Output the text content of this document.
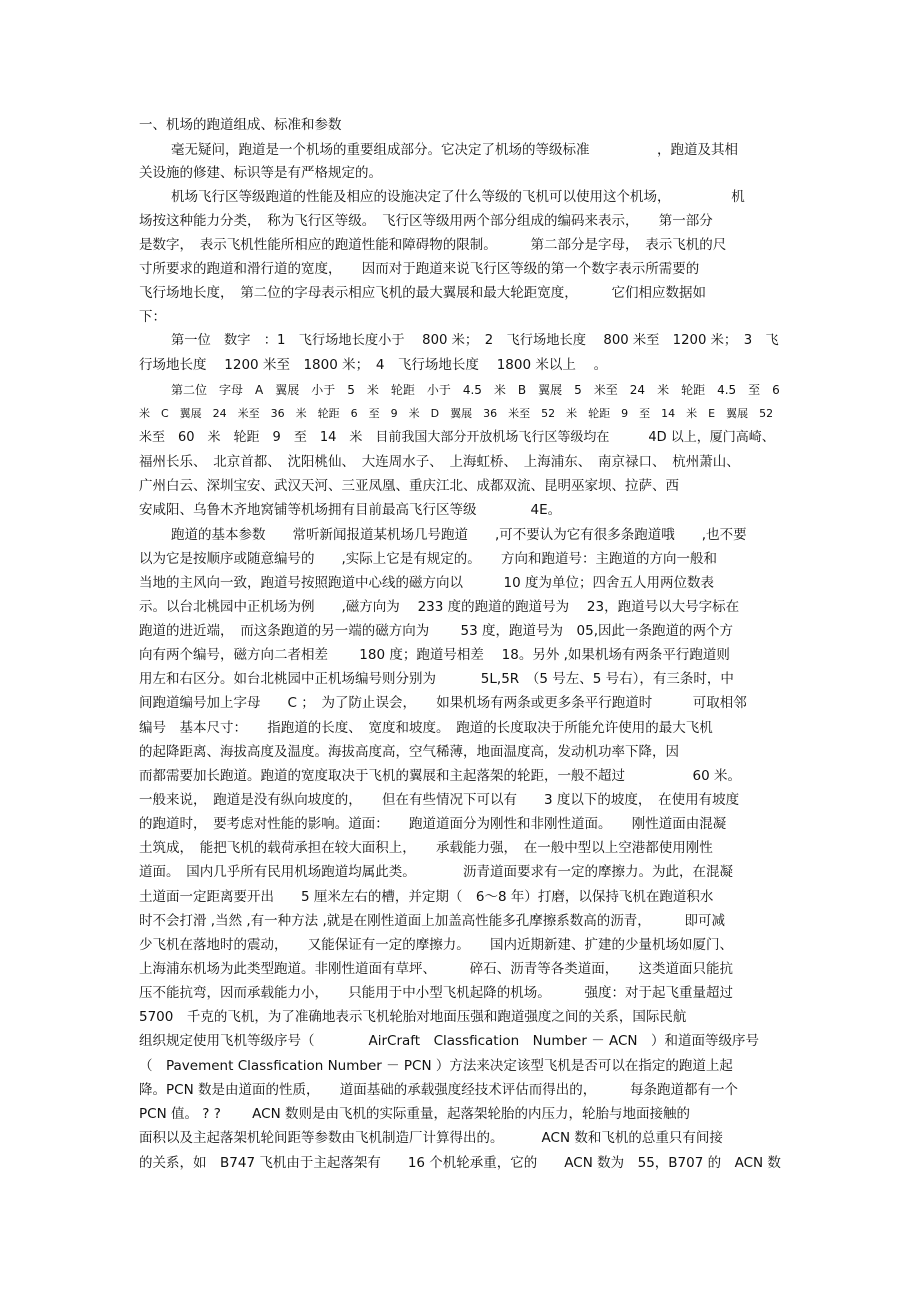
一、机场的跑道组成、标准和参数
毫无疑问，跑道是一个机场的重要组成部分。它决定了机场的等级标准　　　　　，跑道及其相
关设施的修建、标识等是有严格规定的。
机场飞行区等级跑道的性能及相应的设施决定了什么等级的飞机可以使用这个机场，　　　　　机
场按这种能力分类，　称为飞行区等级。　飞行区等级用两个部分组成的编码来表示，　　第一部分
是数字，　表示飞机性能所相应的跑道性能和障碍物的限制。　　　第二部分是字母，　表示飞机的尺
寸所要求的跑道和滑行道的宽度，　　因而对于跑道来说飞行区等级的第一个数字表示所需要的
飞行场地长度，　第二位的字母表示相应飞机的最大翼展和最大轮距宽度，　　　它们相应数据如
下：
第一位　数字　：1　飞行场地长度小于　 800 米；　2　飞行场地长度　 800 米至　1200 米；　3　飞
行场地长度　 1200 米至　1800 米；　4　飞行场地长度　 1800 米以上　 。
第二位　字母　A　翼展　小于　5　米　轮距　小于　4.5　米　B　翼展　5　米至　24　米　轮距　4.5　至　6
米　C　翼展　24　米至　36　米　轮距　6　至　9　米　D　翼展　36　米至　52　米　轮距　9　至　14　米　E　翼展　52
米至　60　米　轮距　9　至　14　米　目前我国大部分开放机场飞行区等级均在　　　4D 以上，厦门高崎、
福州长乐、　北京首都、　沈阳桃仙、　大连周水子、　上海虹桥、　上海浦东、　南京禄口、　杭州萧山、
广州白云、深圳宝安、武汉天河、三亚凤凰、重庆江北、成都双流、昆明巫家坝、拉萨、西
安咸阳、乌鲁木齐地窝铺等机场拥有目前最高飞行区等级　　　　4E。
跑道的基本参数　　常听新闻报道某机场几号跑道　　,可不要认为它有很多条跑道哦　　,也不要
以为它是按顺序或随意编号的　　,实际上它是有规定的。　　方向和跑道号：主跑道的方向一般和
当地的主风向一致，跑道号按照跑道中心线的磁方向以　　　10 度为单位；四舍五人用两位数表
示。以台北桃园中正机场为例　　,磁方向为　 233 度的跑道的跑道号为　 23，跑道号以大号字标在
跑道的进近端，　而这条跑道的另一端的磁方向为　　 53 度，跑道号为　05,因此一条跑道的两个方
向有两个编号，磁方向二者相差　　 180 度；跑道号相差　 18。另外 ,如果机场有两条平行跑道则
用左和右区分。如台北桃园中正机场编号则分别为　　　 5L,5R　（5 号左、5 号右），有三条时，中
间跑道编号加上字母　　C ；　为了防止误会，　　如果机场有两条或更多条平行跑道时　　　可取相邻
编号　基本尺寸：　　指跑道的长度、　宽度和坡度。　跑道的长度取决于所能允许使用的最大飞机
的起降距离、海拔高度及温度。海拔高度高，空气稀薄，地面温度高，发动机功率下降，因
而都需要加长跑道。跑道的宽度取决于飞机的翼展和主起落架的轮距，一般不超过　　　　　60 米。
一般来说，　跑道是没有纵向坡度的，　　但在有些情况下可以有　　3 度以下的坡度，　在使用有坡度
的跑道时，　要考虑对性能的影响。道面：　　跑道道面分为刚性和非刚性道面。　　刚性道面由混凝
土筑成，　能把飞机的载荷承担在较大面积上，　　承载能力强，　在一般中型以上空港都使用刚性
道面。　国内几乎所有民用机场跑道均属此类。　　　　沥青道面要求有一定的摩擦力。为此，在混凝
土道面一定距离要开出　　5 厘米左右的槽，并定期（　6～8 年）打磨，以保持飞机在跑道积水
时不会打滑 ,当然 ,有一种方法 ,就是在刚性道面上加盖高性能多孔摩擦系数高的沥青，　　　即可减
少飞机在落地时的震动，　　又能保证有一定的摩擦力。　　国内近期新建、扩建的少量机场如厦门、
上海浦东机场为此类型跑道。非刚性道面有草坪、　　　碎石、沥青等各类道面，　　这类道面只能抗
压不能抗弯，因而承载能力小，　　只能用于中小型飞机起降的机场。　　　强度：对于起飞重量超过
5700　千克的飞机，为了准确地表示飞机轮胎对地面压强和跑道强度之间的关系，国际民航
组织规定使用飞机等级序号（　　　　AirCraft　Classfication　Number － ACN　）和道面等级序号
（　Pavement Classfication Number － PCN ）方法来决定该型飞机是否可以在指定的跑道上起
降。PCN 数是由道面的性质，　　道面基础的承载强度经技术评估而得出的，　　　每条跑道都有一个
PCN 值。 ? ?　　 ACN 数则是由飞机的实际重量，起落架轮胎的内压力，轮胎与地面接触的
面积以及主起落架机轮间距等参数由飞机制造厂计算得出的。　　　 ACN 数和飞机的总重只有间接
的关系，如　B747 飞机由于主起落架有　　16 个机轮承重，它的　　ACN 数为　55，B707 的　ACN 数
